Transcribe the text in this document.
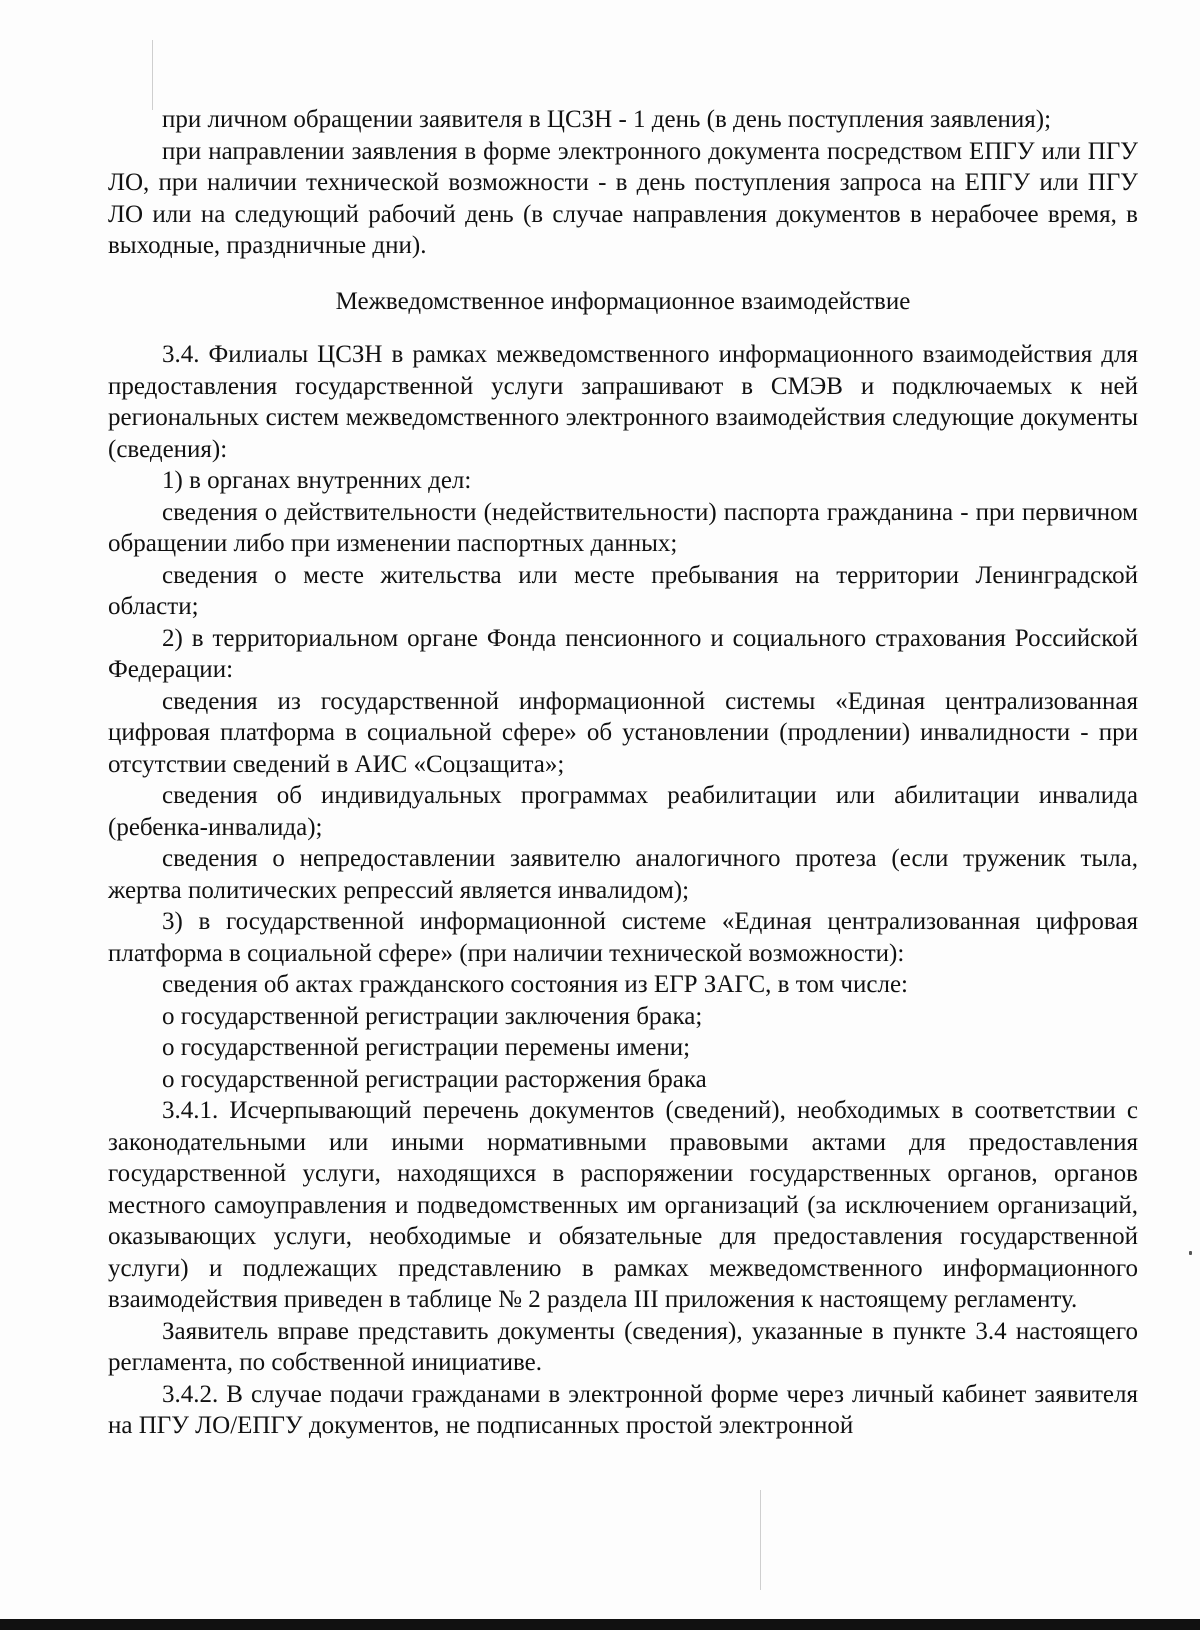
при личном обращении заявителя в ЦСЗН - 1 день (в день поступления заявления);

при направлении заявления в форме электронного документа посредством ЕПГУ или ПГУ ЛО, при наличии технической возможности - в день поступления запроса на ЕПГУ или ПГУ ЛО или на следующий рабочий день (в случае направления документов в нерабочее время, в выходные, праздничные дни).

Межведомственное информационное взаимодействие

3.4. Филиалы ЦСЗН в рамках межведомственного информационного взаимодействия для предоставления государственной услуги запрашивают в СМЭВ и подключаемых к ней региональных систем межведомственного электронного взаимодействия следующие документы (сведения):

1) в органах внутренних дел:

сведения о действительности (недействительности) паспорта гражданина - при первичном обращении либо при изменении паспортных данных;

сведения о месте жительства или месте пребывания на территории Ленинградской области;

2) в территориальном органе Фонда пенсионного и социального страхования Российской Федерации:

сведения из государственной информационной системы «Единая централизованная цифровая платформа в социальной сфере» об установлении (продлении) инвалидности - при отсутствии сведений в АИС «Соцзащита»;

сведения об индивидуальных программах реабилитации или абилитации инвалида (ребенка-инвалида);

сведения о непредоставлении заявителю аналогичного протеза (если труженик тыла, жертва политических репрессий является инвалидом);

3) в государственной информационной системе «Единая централизованная цифровая платформа в социальной сфере» (при наличии технической возможности):

сведения об актах гражданского состояния из ЕГР ЗАГС, в том числе:

о государственной регистрации заключения брака;

о государственной регистрации перемены имени;

о государственной регистрации расторжения брака

3.4.1. Исчерпывающий перечень документов (сведений), необходимых в соответствии с законодательными или иными нормативными правовыми актами для предоставления государственной услуги, находящихся в распоряжении государственных органов, органов местного самоуправления и подведомственных им организаций (за исключением организаций, оказывающих услуги, необходимые и обязательные для предоставления государственной услуги) и подлежащих представлению в рамках межведомственного информационного взаимодействия приведен в таблице № 2 раздела III приложения к настоящему регламенту.

Заявитель вправе представить документы (сведения), указанные в пункте 3.4 настоящего регламента, по собственной инициативе.

3.4.2. В случае подачи гражданами в электронной форме через личный кабинет заявителя на ПГУ ЛО/ЕПГУ документов, не подписанных простой электронной
